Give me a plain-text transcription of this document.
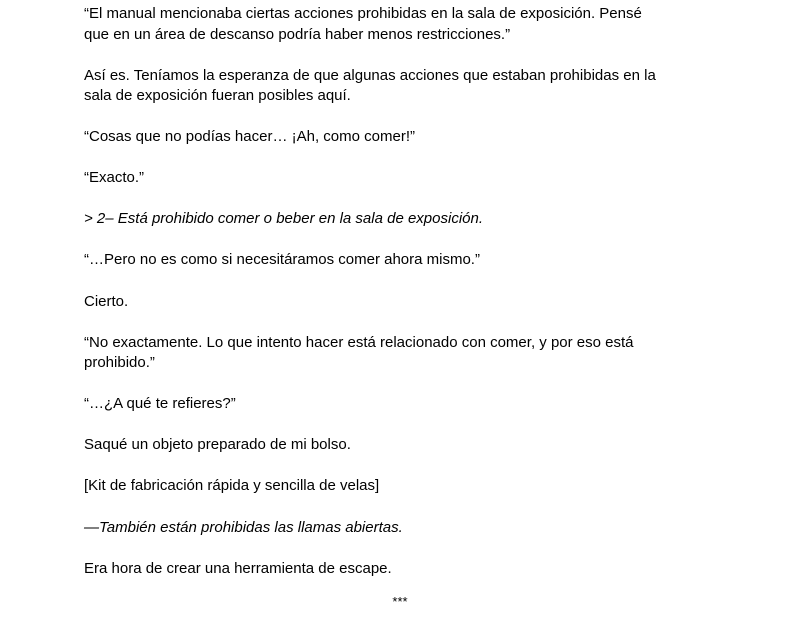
“El manual mencionaba ciertas acciones prohibidas en la sala de exposición. Pensé que en un área de descanso podría haber menos restricciones.”

Así es. Teníamos la esperanza de que algunas acciones que estaban prohibidas en la sala de exposición fueran posibles aquí.

“Cosas que no podías hacer… ¡Ah, como comer!”

“Exacto.”

> 2– Está prohibido comer o beber en la sala de exposición.

“…Pero no es como si necesitáramos comer ahora mismo.”

Cierto.

“No exactamente. Lo que intento hacer está relacionado con comer, y por eso está prohibido.”

“…¿A qué te refieres?”

Saqué un objeto preparado de mi bolso.

[Kit de fabricación rápida y sencilla de velas]

—También están prohibidas las llamas abiertas.

Era hora de crear una herramienta de escape.

***
